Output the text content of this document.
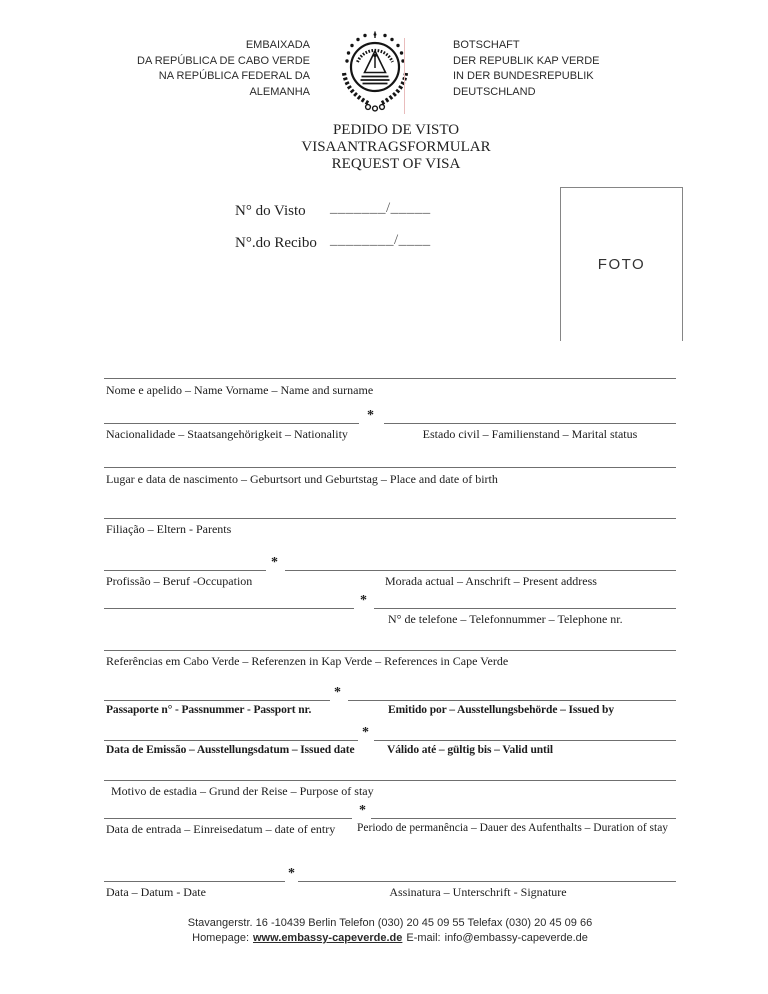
EMBAIXADA
DA REPÚBLICA DE CABO VERDE
NA REPÚBLICA FEDERAL DA
ALEMANHA
BOTSCHAFT
DER REPUBLIK KAP VERDE
IN DER BUNDESREPUBLIK
DEUTSCHLAND
PEDIDO DE VISTO
VISAANTRAGSFORMULAR
REQUEST OF VISA
N° do Visto _______/_____
N°.do Recibo ________/____
FOTO
Nome e apelido – Name Vorname – Name and surname
*
Nacionalidade – Staatsangehörigkeit – Nationality	Estado civil – Familienstand – Marital status
Lugar e data de nascimento – Geburtsort und Geburtstag – Place and date of birth
Filiação – Eltern - Parents
*
Profissão – Beruf -Occupation	Morada actual – Anschrift – Present address
*
N° de telefone – Telefonnummer – Telephone nr.
Referências em Cabo Verde – Referenzen in Kap Verde – References in Cape Verde
*
Passaporte n° - Passnummer - Passport nr.	Emitido por – Ausstellungsbehörde – Issued by
*
Data de Emissão – Ausstellungsdatum – Issued date	Válido até – gültig bis – Valid until
Motivo de estadia – Grund der Reise – Purpose of stay
*
Data de entrada – Einreisedatum – date of entry Periodo de permanência – Dauer des Aufenthalts – Duration of stay
*
Data – Datum - Date	Assinatura – Unterschrift - Signature
Stavangerstr. 16 -10439 Berlin Telefon (030) 20 45 09 55 Telefax (030) 20 45 09 66
Homepage: www.embassy-capeverde.de E-mail: info@embassy-capeverde.de
